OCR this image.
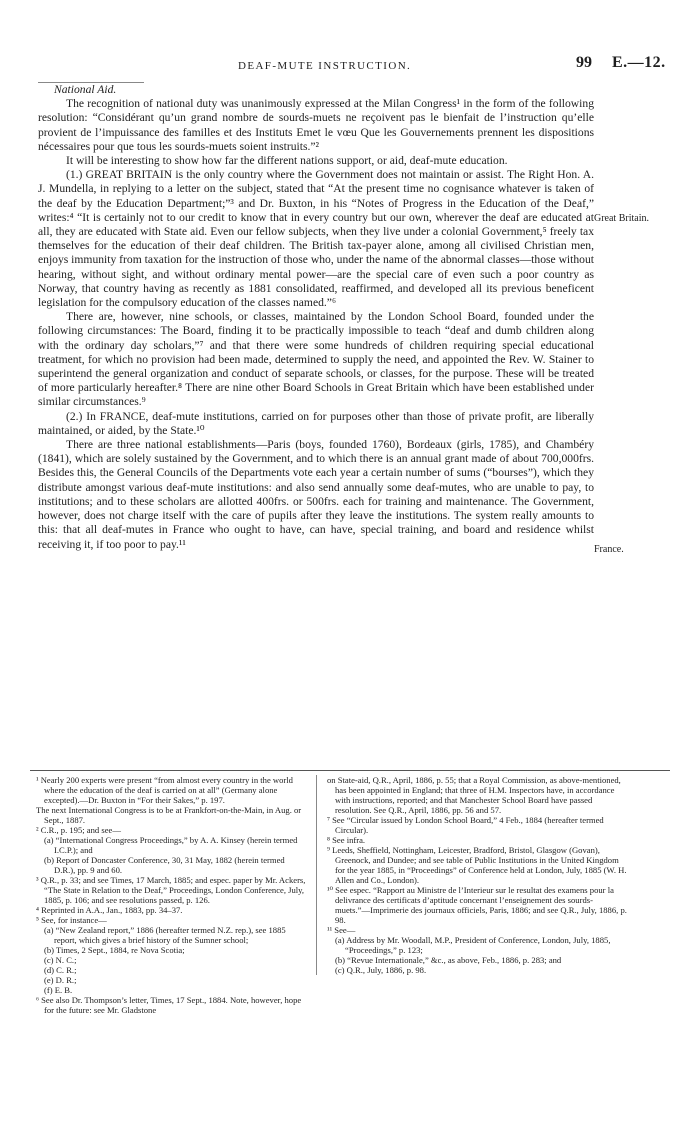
DEAF-MUTE INSTRUCTION.	99 E.—12.

National Aid.

The recognition of national duty was unanimously expressed at the Milan Congress¹ in the form of the following resolution: “Considérant qu’un grand nombre de sourds-muets ne reçoivent pas le bienfait de l’instruction qu’elle provient de l’impuissance des familles et des Instituts Emet le vœu Que les Gouvernements prennent les dispositions nécessaires pour que tous les sourds-muets soient instruits.”²

It will be interesting to show how far the different nations support, or aid, deaf-mute education.

(1.) GREAT BRITAIN is the only country where the Government does not maintain or assist. The Right Hon. A. J. Mundella, in replying to a letter on the subject, stated that “At the present time no cognisance whatever is taken of the deaf by the Education Department;”³ and Dr. Buxton, in his “Notes of Progress in the Education of the Deaf,” writes:⁴ “It is certainly not to our credit to know that in every country but our own, wherever the deaf are educated at all, they are educated with State aid. Even our fellow subjects, when they live under a colonial Government,⁵ freely tax themselves for the education of their deaf children. The British tax-payer alone, among all civilised Christian men, enjoys immunity from taxation for the instruction of those who, under the name of the abnormal classes—those without hearing, without sight, and without ordinary mental power—are the special care of even such a poor country as Norway, that country having as recently as 1881 consolidated, reaffirmed, and developed all its previous beneficent legislation for the compulsory education of the classes named.”⁶

There are, however, nine schools, or classes, maintained by the London School Board, founded under the following circumstances: The Board, finding it to be practically impossible to teach “deaf and dumb children along with the ordinary day scholars,”⁷ and that there were some hundreds of children requiring special educational treatment, for which no provision had been made, determined to supply the need, and appointed the Rev. W. Stainer to superintend the general organization and conduct of separate schools, or classes, for the purpose. These will be treated of more particularly hereafter.⁸ There are nine other Board Schools in Great Britain which have been established under similar circumstances.⁹

(2.) In FRANCE, deaf-mute institutions, carried on for purposes other than those of private profit, are liberally maintained, or aided, by the State.¹⁰

There are three national establishments—Paris (boys, founded 1760), Bordeaux (girls, 1785), and Chambéry (1841), which are solely sustained by the Government, and to which there is an annual grant made of about 700,000frs. Besides this, the General Councils of the Departments vote each year a certain number of sums (“bourses”), which they distribute amongst various deaf-mute institutions: and also send annually some deaf-mutes, who are unable to pay, to institutions; and to these scholars are allotted 400frs. or 500frs. each for training and maintenance. The Government, however, does not charge itself with the care of pupils after they leave the institutions. The system really amounts to this: that all deaf-mutes in France who ought to have, can have, special training, and board and residence whilst receiving it, if too poor to pay.¹¹

Great Britain.
France.

¹ Nearly 200 experts were present “from almost every country in the world where the education of the deaf is carried on at all” (Germany alone excepted).—Dr. Buxton in “For their Sakes,” p. 197.

The next International Congress is to be at Frankfort-on-the-Main, in Aug. or Sept., 1887.

² C.R., p. 195; and see—

(a) “International Congress Proceedings,” by A. A. Kinsey (herein termed I.C.P.); and

(b) Report of Doncaster Conference, 30, 31 May, 1882 (herein termed D.R.), pp. 9 and 60.

³ Q.R., p. 33; and see Times, 17 March, 1885; and espec. paper by Mr. Ackers, “The State in Relation to the Deaf,” Proceedings, London Conference, July, 1885, p. 106; and see resolutions passed, p. 126.

⁴ Reprinted in A.A., Jan., 1883, pp. 34–37.

⁵ See, for instance—

(a) “New Zealand report,” 1886 (hereafter termed N.Z. rep.), see 1885 report, which gives a brief history of the Sumner school;

(b) Times, 2 Sept., 1884, re Nova Scotia;

(c) N. C.;

(d) C. R.;

(e) D. R.;

(f) E. B.

⁶ See also Dr. Thompson’s letter, Times, 17 Sept., 1884. Note, however, hope for the future: see Mr. Gladstone

on State-aid, Q.R., April, 1886, p. 55; that a Royal Commission, as above-mentioned, has been appointed in England; that three of H.M. Inspectors have, in accordance with instructions, reported; and that Manchester School Board have passed resolution. See Q.R., April, 1886, pp. 56 and 57.

⁷ See “Circular issued by London School Board,” 4 Feb., 1884 (hereafter termed Circular).

⁸ See infra.

⁹ Leeds, Sheffield, Nottingham, Leicester, Bradford, Bristol, Glasgow (Govan), Greenock, and Dundee; and see table of Public Institutions in the United Kingdom for the year 1885, in “Proceedings” of Conference held at London, July, 1885 (W. H. Allen and Co., London).

¹⁰ See espec. “Rapport au Ministre de l’Interieur sur le resultat des examens pour la delivrance des certificats d’aptitude concernant l’enseignement des sourds-muets.”—Imprimerie des journaux officiels, Paris, 1886; and see Q.R., July, 1886, p. 98.

¹¹ See—

(a) Address by Mr. Woodall, M.P., President of Conference, London, July, 1885, “Proceedings,” p. 123;

(b) “Revue Internationale,” &c., as above, Feb., 1886, p. 283; and

(c) Q.R., July, 1886, p. 98.
